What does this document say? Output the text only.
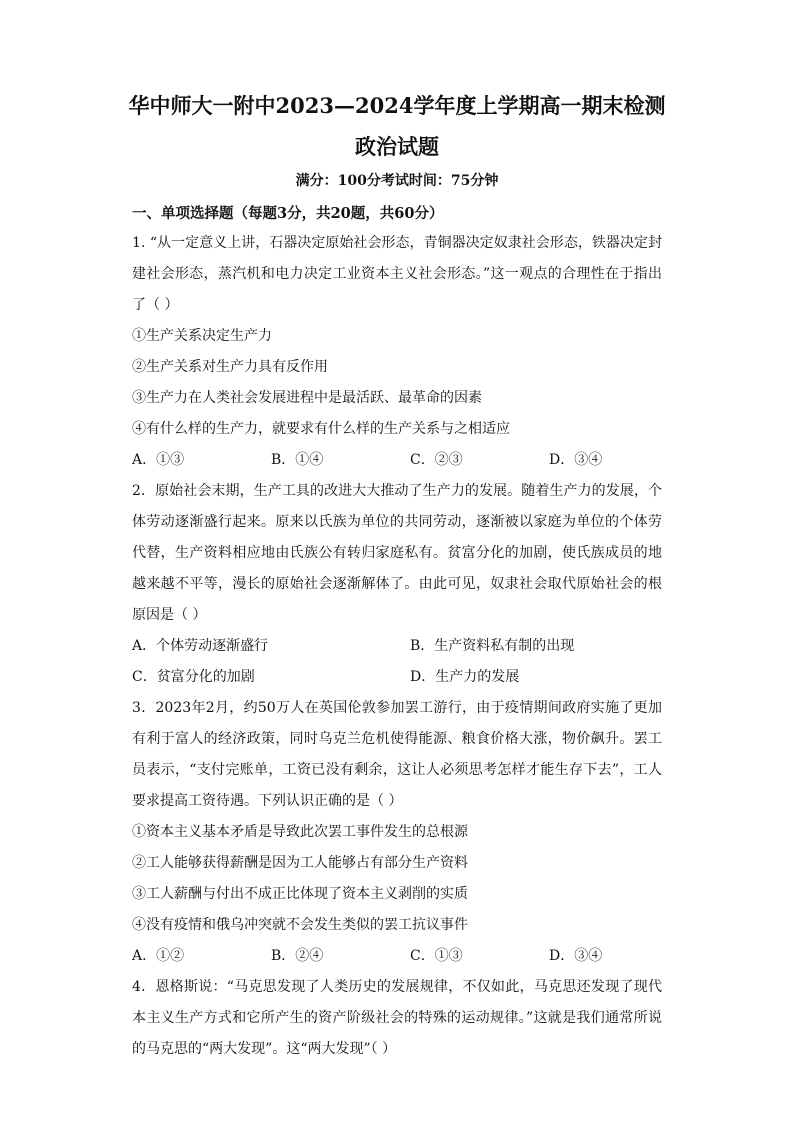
华中师大一附中2023—2024学年度上学期高一期末检测
政治试题
满分：100分考试时间：75分钟
一、单项选择题（每题3分，共20题，共60分）
1. “从一定意义上讲，石器决定原始社会形态，青铜器决定奴隶社会形态，铁器决定封
建社会形态，蒸汽机和电力决定工业资本主义社会形态。”这一观点的合理性在于指出
了（ ）
①生产关系决定生产力
②生产关系对生产力具有反作用
③生产力在人类社会发展进程中是最活跃、最革命的因素
④有什么样的生产力，就要求有什么样的生产关系与之相适应
A．①③	B．①④	C．②③	D．③④
2．原始社会末期，生产工具的改进大大推动了生产力的发展。随着生产力的发展，个
体劳动逐渐盛行起来。原来以氏族为单位的共同劳动，逐渐被以家庭为单位的个体劳
代替，生产资料相应地由氏族公有转归家庭私有。贫富分化的加剧，使氏族成员的地
越来越不平等，漫长的原始社会逐渐解体了。由此可见，奴隶社会取代原始社会的根
原因是（ ）
A．个体劳动逐渐盛行	B．生产资料私有制的出现
C．贫富分化的加剧	D．生产力的发展
3．2023年2月，约50万人在英国伦敦参加罢工游行，由于疫情期间政府实施了更加
有利于富人的经济政策，同时乌克兰危机使得能源、粮食价格大涨，物价飙升。罢工
员表示，“支付完账单，工资已没有剩余，这让人必须思考怎样才能生存下去”，工人
要求提高工资待遇。下列认识正确的是（ ）
①资本主义基本矛盾是导致此次罢工事件发生的总根源
②工人能够获得薪酬是因为工人能够占有部分生产资料
③工人薪酬与付出不成正比体现了资本主义剥削的实质
④没有疫情和俄乌冲突就不会发生类似的罢工抗议事件
A．①②	B．②④	C．①③	D．③④
4．恩格斯说：“马克思发现了人类历史的发展规律，不仅如此，马克思还发现了现代
本主义生产方式和它所产生的资产阶级社会的特殊的运动规律。”这就是我们通常所说
的马克思的“两大发现”。这“两大发现”（ ）
